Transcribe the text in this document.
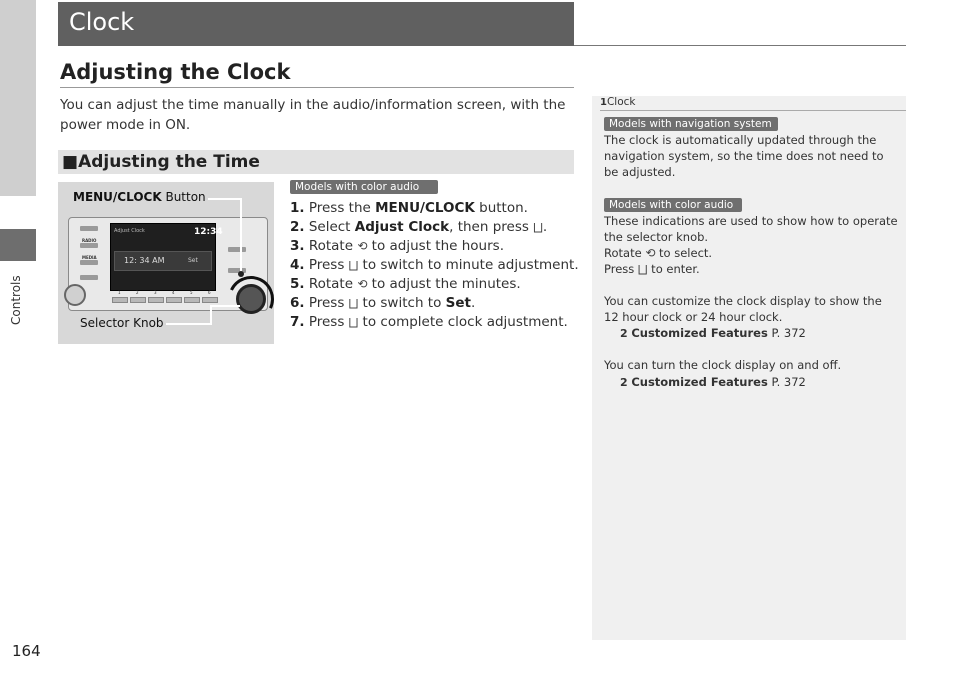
Controls
Clock
Adjusting the Clock
You can adjust the time manually in the audio/information screen, with the power mode in ON.
■Adjusting the Time
RADIO
MEDIA
Adjust Clock	12:34
12: 34 AM	Set
1	2	3	4	5	6
MENU/CLOCK Button
Selector Knob
Models with color audio
1. Press the MENU/CLOCK button.
2. Select Adjust Clock, then press ⨆.
3. Rotate ⟲ to adjust the hours.
4. Press ⨆ to switch to minute adjustment.
5. Rotate ⟲ to adjust the minutes.
6. Press ⨆ to switch to Set.
7. Press ⨆ to complete clock adjustment.
1Clock
Models with navigation system
The clock is automatically updated through the navigation system, so the time does not need to be adjusted.
Models with color audio
These indications are used to show how to operate the selector knob.
Rotate ⟲ to select.
Press ⨆ to enter.
You can customize the clock display to show the 12 hour clock or 24 hour clock.
2 Customized Features P. 372
You can turn the clock display on and off.
2 Customized Features P. 372
164
